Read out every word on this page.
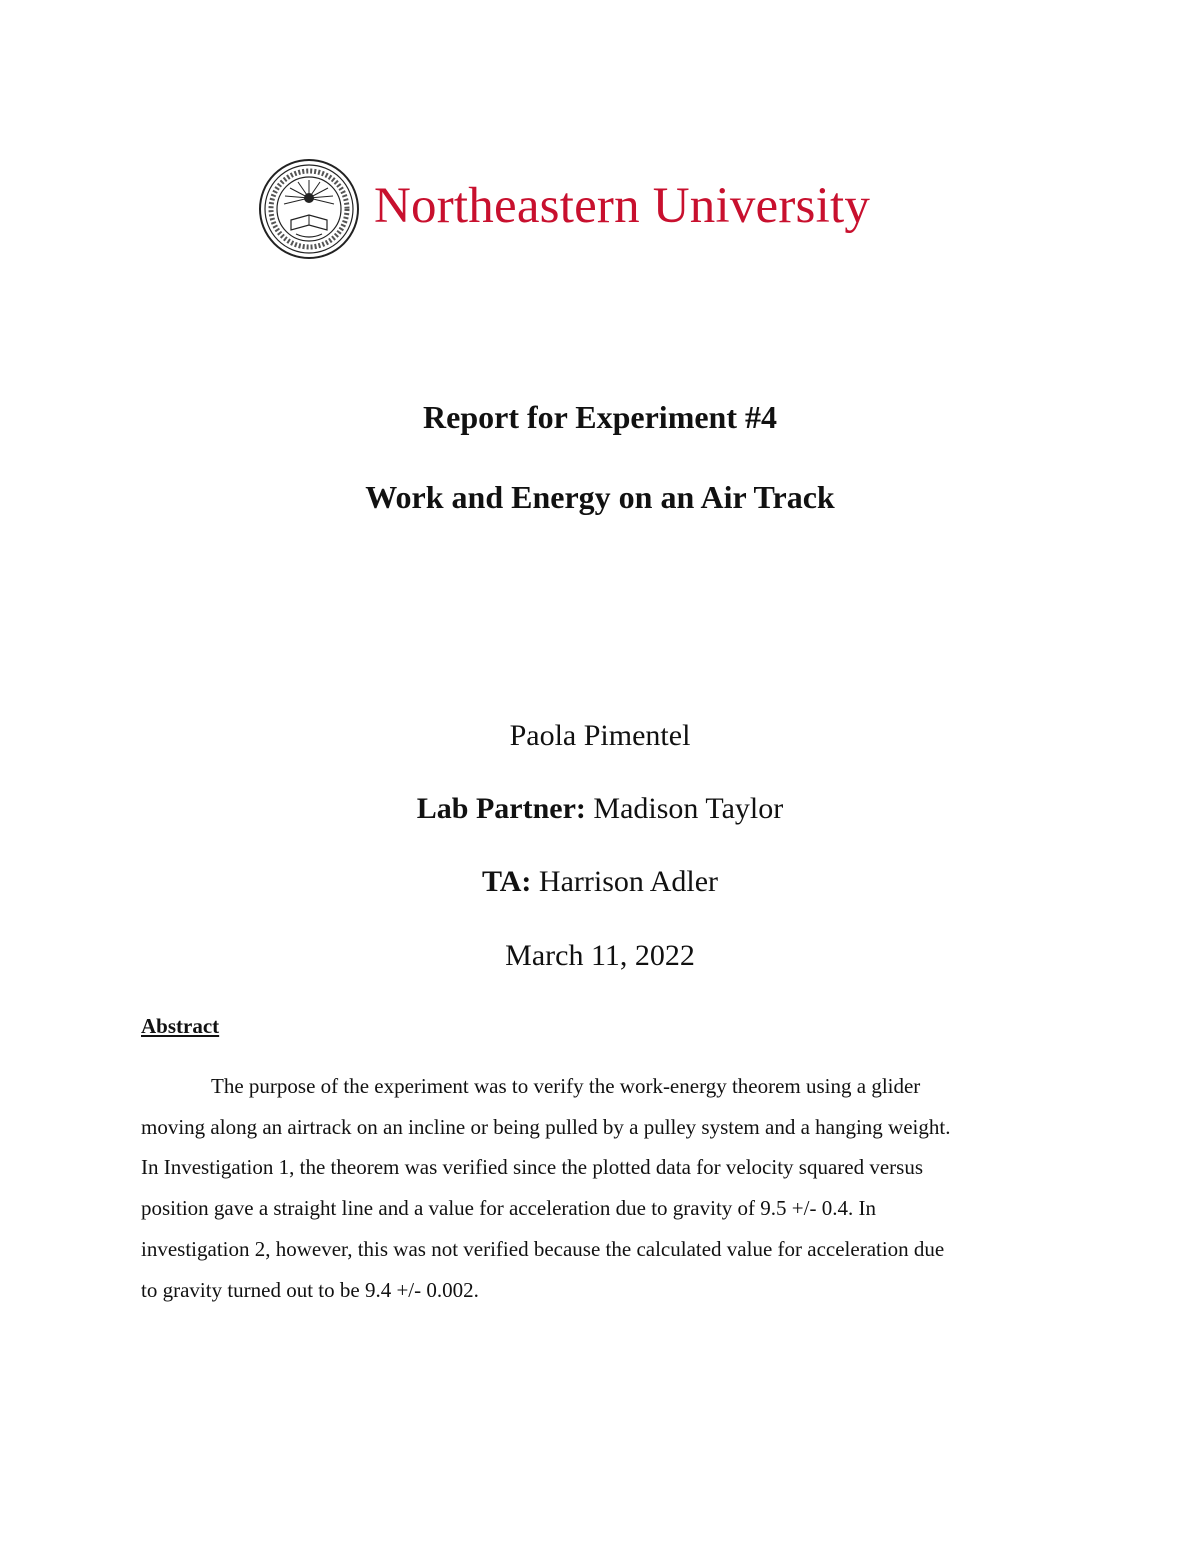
Northeastern University
Report for Experiment #4
Work and Energy on an Air Track
Paola Pimentel
Lab Partner: Madison Taylor
TA: Harrison Adler
March 11, 2022
Abstract
The purpose of the experiment was to verify the work-energy theorem using a glider
moving along an airtrack on an incline or being pulled by a pulley system and a hanging weight.
In Investigation 1, the theorem was verified since the plotted data for velocity squared versus
position gave a straight line and a value for acceleration due to gravity of 9.5 +/- 0.4. In
investigation 2, however, this was not verified because the calculated value for acceleration due
to gravity turned out to be 9.4 +/- 0.002.
